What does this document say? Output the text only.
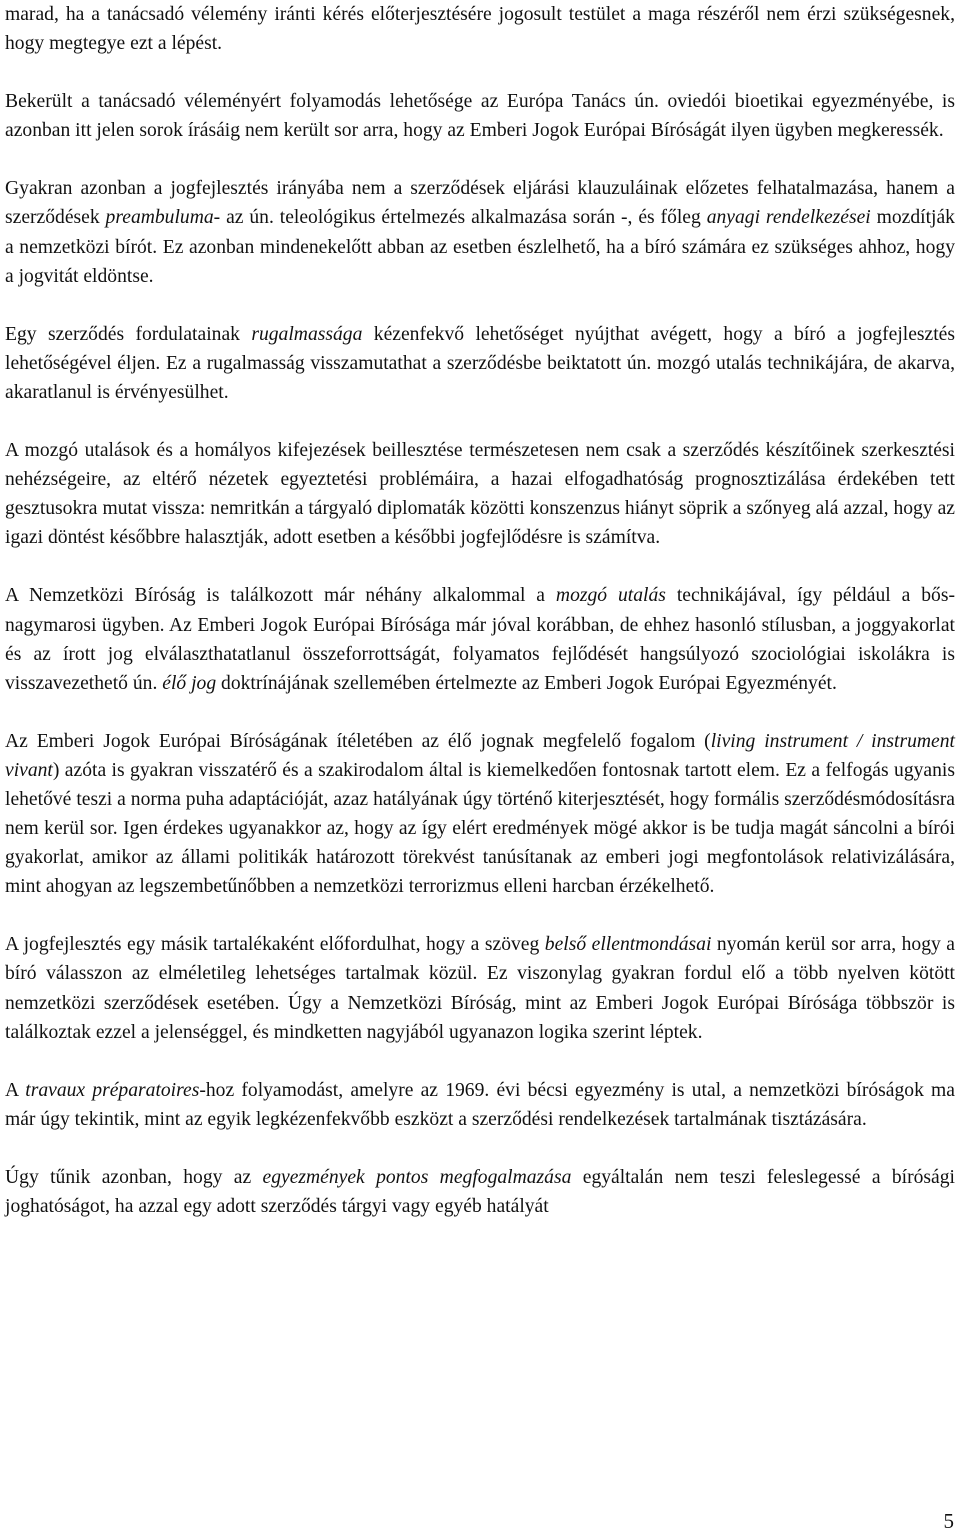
marad, ha a tanácsadó vélemény iránti kérés előterjesztésére jogosult testület a maga részéről nem érzi szükségesnek, hogy megtegye ezt a lépést.

Bekerült a tanácsadó véleményért folyamodás lehetősége az Európa Tanács ún. oviedói bioetikai egyezményébe, is azonban itt jelen sorok írásáig nem került sor arra, hogy az Emberi Jogok Európai Bíróságát ilyen ügyben megkeressék.

Gyakran azonban a jogfejlesztés irányába nem a szerződések eljárási klauzuláinak előzetes felhatalmazása, hanem a szerződések preambuluma- az ún. teleológikus értelmezés alkalmazása során -, és főleg anyagi rendelkezései mozdítják a nemzetközi bírót. Ez azonban mindenekelőtt abban az esetben észlelhető, ha a bíró számára ez szükséges ahhoz, hogy a jogvitát eldöntse.

Egy szerződés fordulatainak rugalmassága kézenfekvő lehetőséget nyújthat avégett, hogy a bíró a jogfejlesztés lehetőségével éljen. Ez a rugalmasság visszamutathat a szerződésbe beiktatott ún. mozgó utalás technikájára, de akarva, akaratlanul is érvényesülhet.

A mozgó utalások és a homályos kifejezések beillesztése természetesen nem csak a szerződés készítőinek szerkesztési nehézségeire, az eltérő nézetek egyeztetési problémáira, a hazai elfogadhatóság prognosztizálása érdekében tett gesztusokra mutat vissza: nemritkán a tárgyaló diplomaták közötti konszenzus hiányt söprik a szőnyeg alá azzal, hogy az igazi döntést későbbre halasztják, adott esetben a későbbi jogfejlődésre is számítva.

A Nemzetközi Bíróság is találkozott már néhány alkalommal a mozgó utalás technikájával, így például a bős-nagymarosi ügyben. Az Emberi Jogok Európai Bírósága már jóval korábban, de ehhez hasonló stílusban, a joggyakorlat és az írott jog elválaszthatatlanul összeforrottságát, folyamatos fejlődését hangsúlyozó szociológiai iskolákra is visszavezethető ún. élő jog doktrínájának szellemében értelmezte az Emberi Jogok Európai Egyezményét.

Az Emberi Jogok Európai Bíróságának ítéletében az élő jognak megfelelő fogalom (living instrument / instrument vivant) azóta is gyakran visszatérő és a szakirodalom által is kiemelkedően fontosnak tartott elem. Ez a felfogás ugyanis lehetővé teszi a norma puha adaptációját, azaz hatályának úgy történő kiterjesztését, hogy formális szerződésmódosításra nem kerül sor. Igen érdekes ugyanakkor az, hogy az így elért eredmények mögé akkor is be tudja magát sáncolni a bírói gyakorlat, amikor az állami politikák határozott törekvést tanúsítanak az emberi jogi megfontolások relativizálására, mint ahogyan az legszembetűnőbben a nemzetközi terrorizmus elleni harcban érzékelhető.

A jogfejlesztés egy másik tartalékaként előfordulhat, hogy a szöveg belső ellentmondásai nyomán kerül sor arra, hogy a bíró válasszon az elméletileg lehetséges tartalmak közül. Ez viszonylag gyakran fordul elő a több nyelven kötött nemzetközi szerződések esetében. Úgy a Nemzetközi Bíróság, mint az Emberi Jogok Európai Bírósága többször is találkoztak ezzel a jelenséggel, és mindketten nagyjából ugyanazon logika szerint léptek.

A travaux préparatoires-hoz folyamodást, amelyre az 1969. évi bécsi egyezmény is utal, a nemzetközi bíróságok ma már úgy tekintik, mint az egyik legkézenfekvőbb eszközt a szerződési rendelkezések tartalmának tisztázására.

Úgy tűnik azonban, hogy az egyezmények pontos megfogalmazása egyáltalán nem teszi feleslegessé a bírósági joghatóságot, ha azzal egy adott szerződés tárgyi vagy egyéb hatályát

5
